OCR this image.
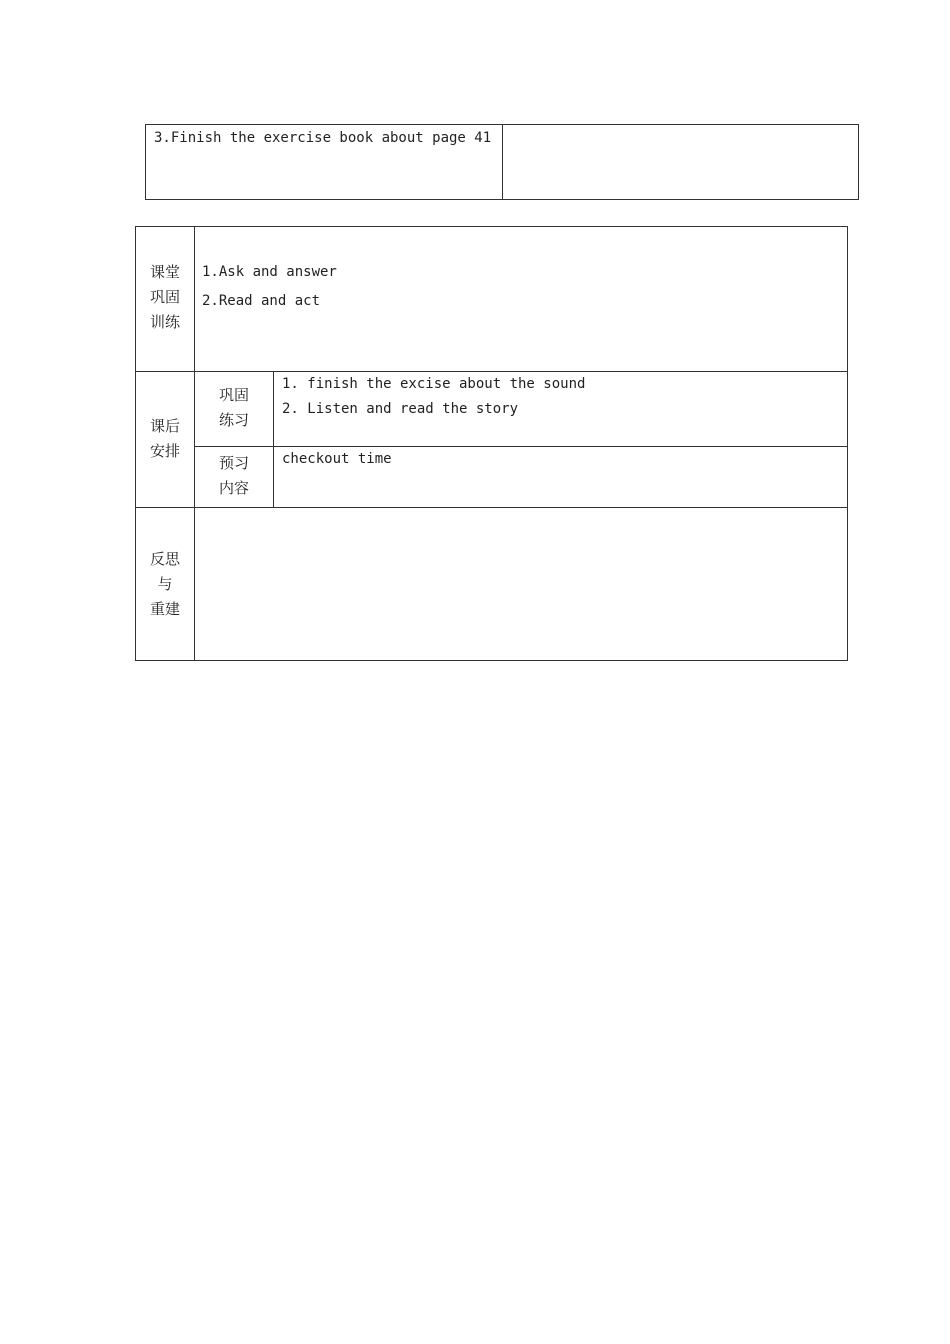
3.Finish the exercise book about page 41
课堂
巩固
训练
1.Ask and answer
2.Read and act
课后
安排
巩固
练习
1. finish the excise about the sound
2. Listen and read the story
预习
内容
checkout time
反思
与
重建
